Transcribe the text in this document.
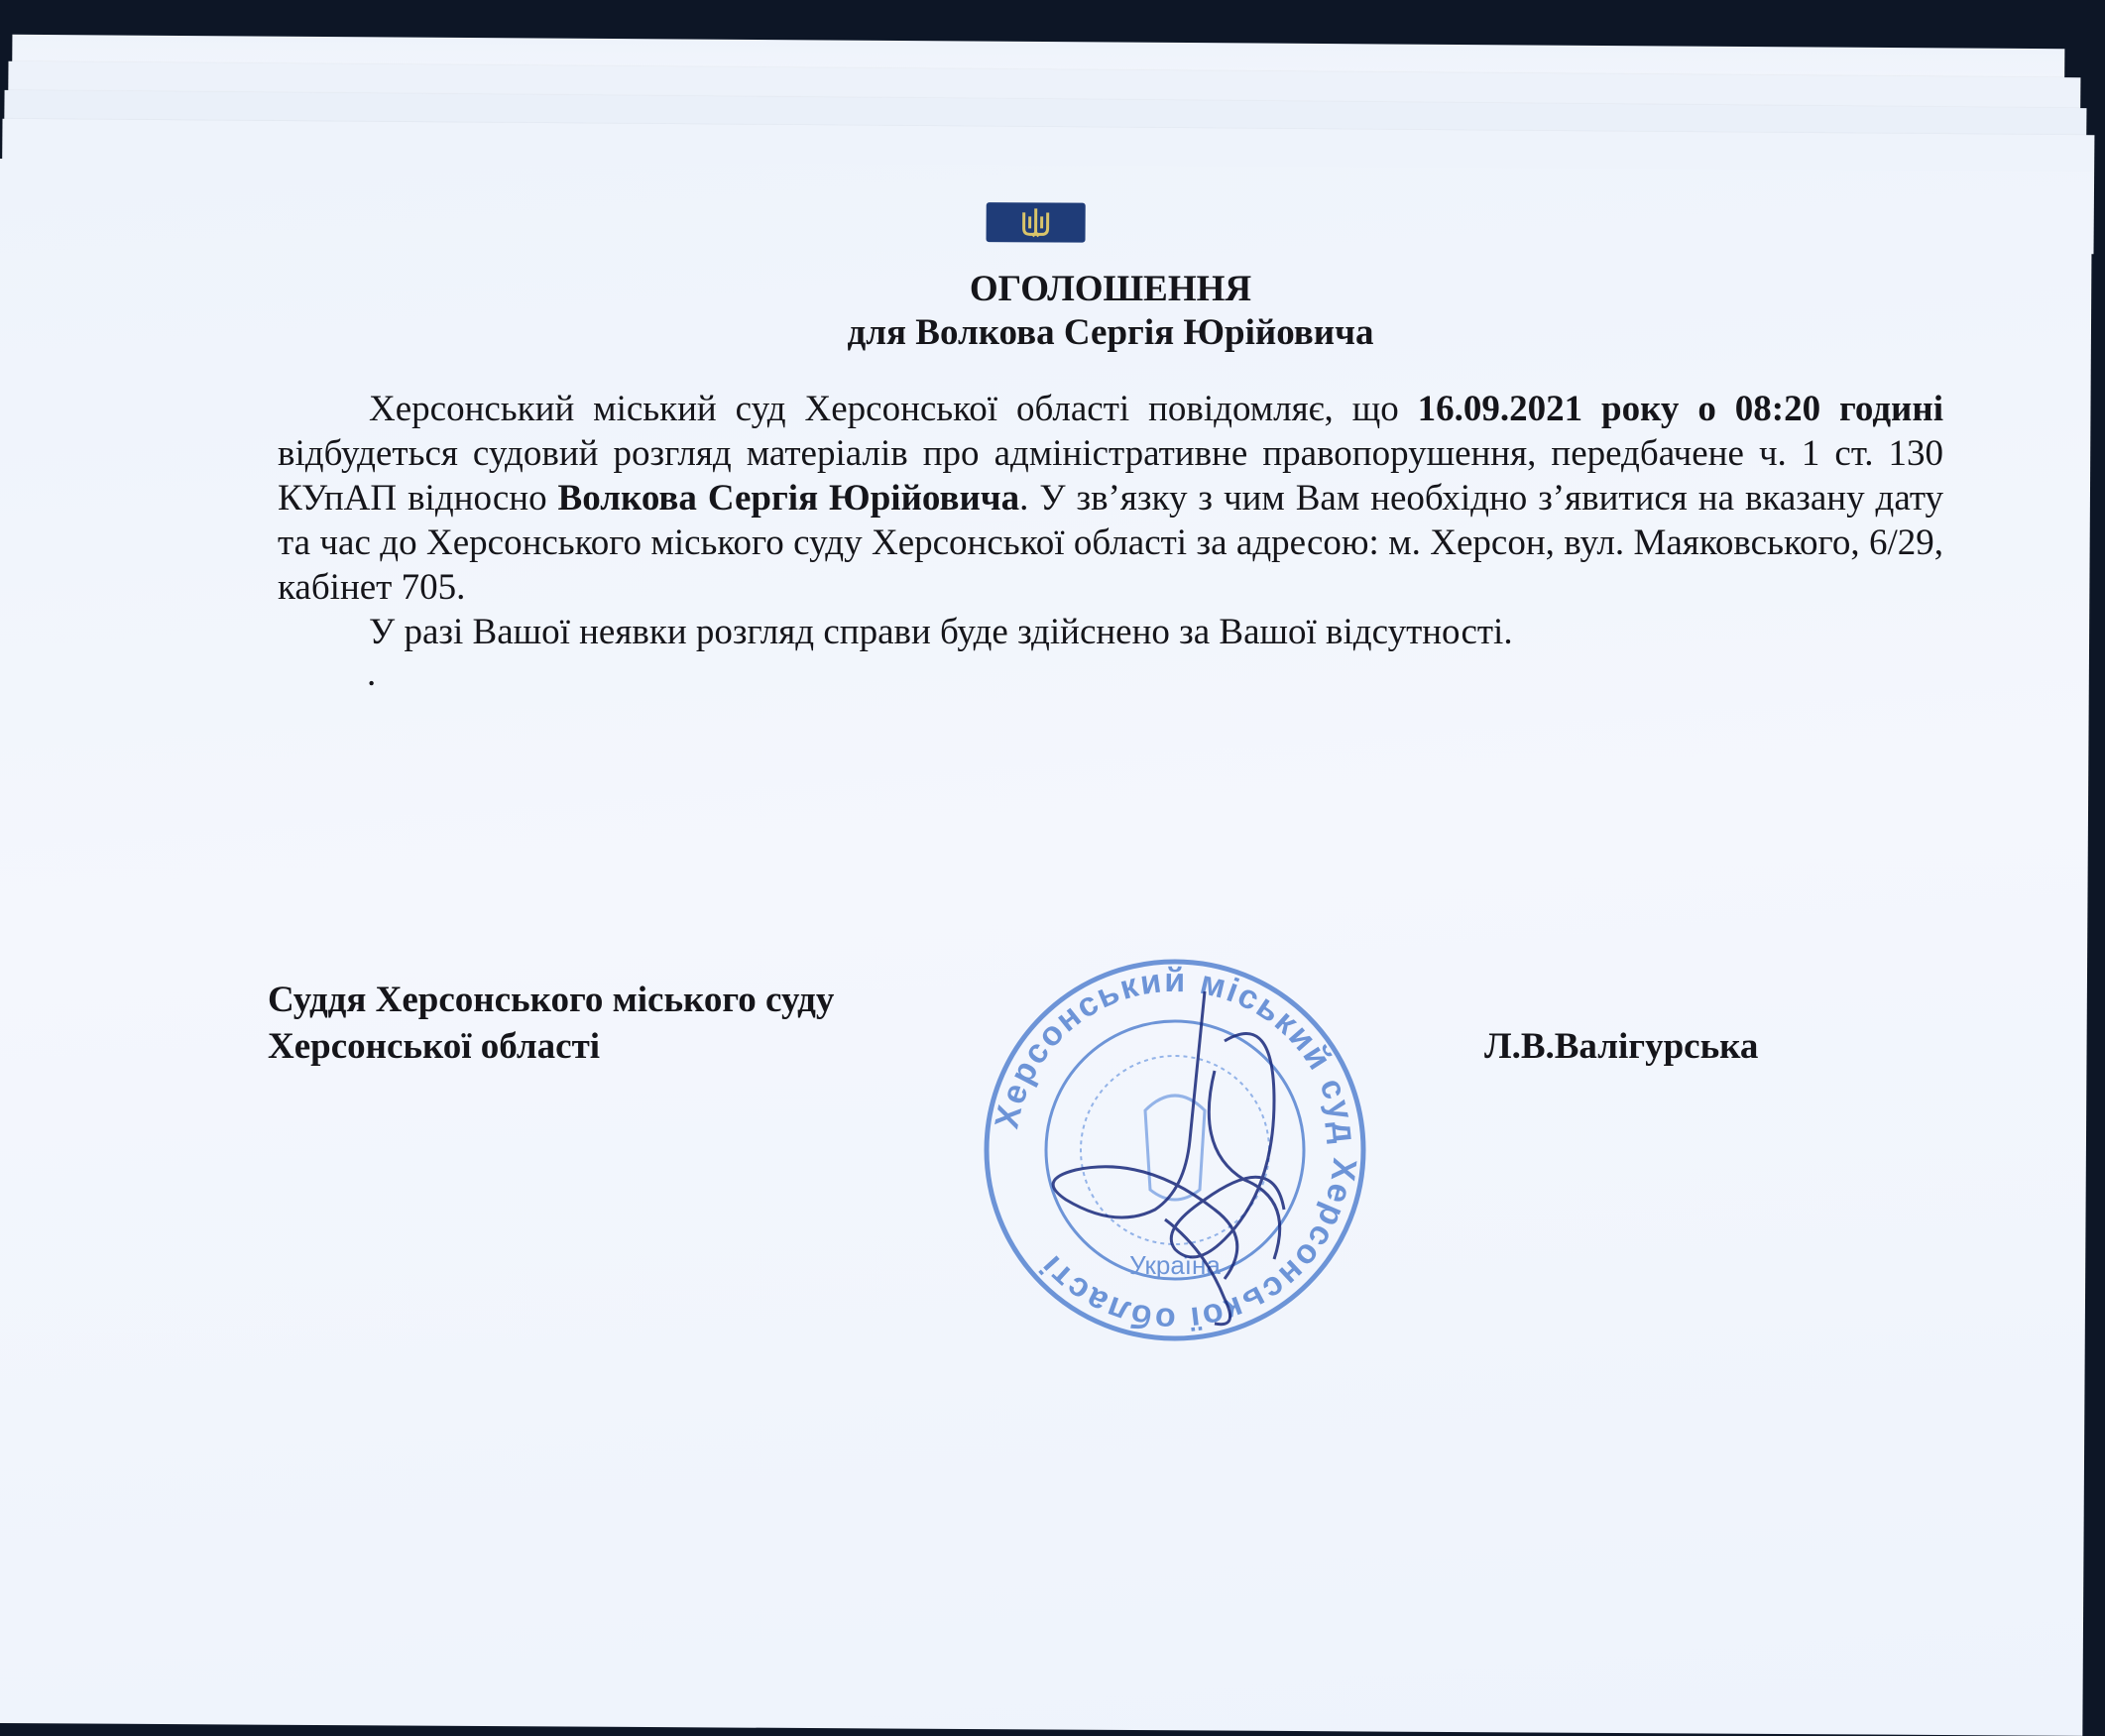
ОГОЛОШЕННЯ

для Волкова Сергія Юрійовича

Херсонський міський суд Херсонської області повідомляє, що 16.09.2021 року о 08:20 годині відбудеться судовий розгляд матеріалів про адміністративне правопорушення, передбачене ч. 1 ст. 130 КУпАП відносно Волкова Сергія Юрійовича. У зв’язку з чим Вам необхідно з’явитися на вказану дату та час до Херсонського міського суду Херсонської області за адресою: м. Херсон, вул. Маяковського, 6/29, кабінет 705.

У разі Вашої неявки розгляд справи буде здійснено за Вашої відсутності.

.

Суддя Херсонського міського суду
Херсонської області	Л.В.Валігурська
Херсонський міський суд Херсонської області	Україна
